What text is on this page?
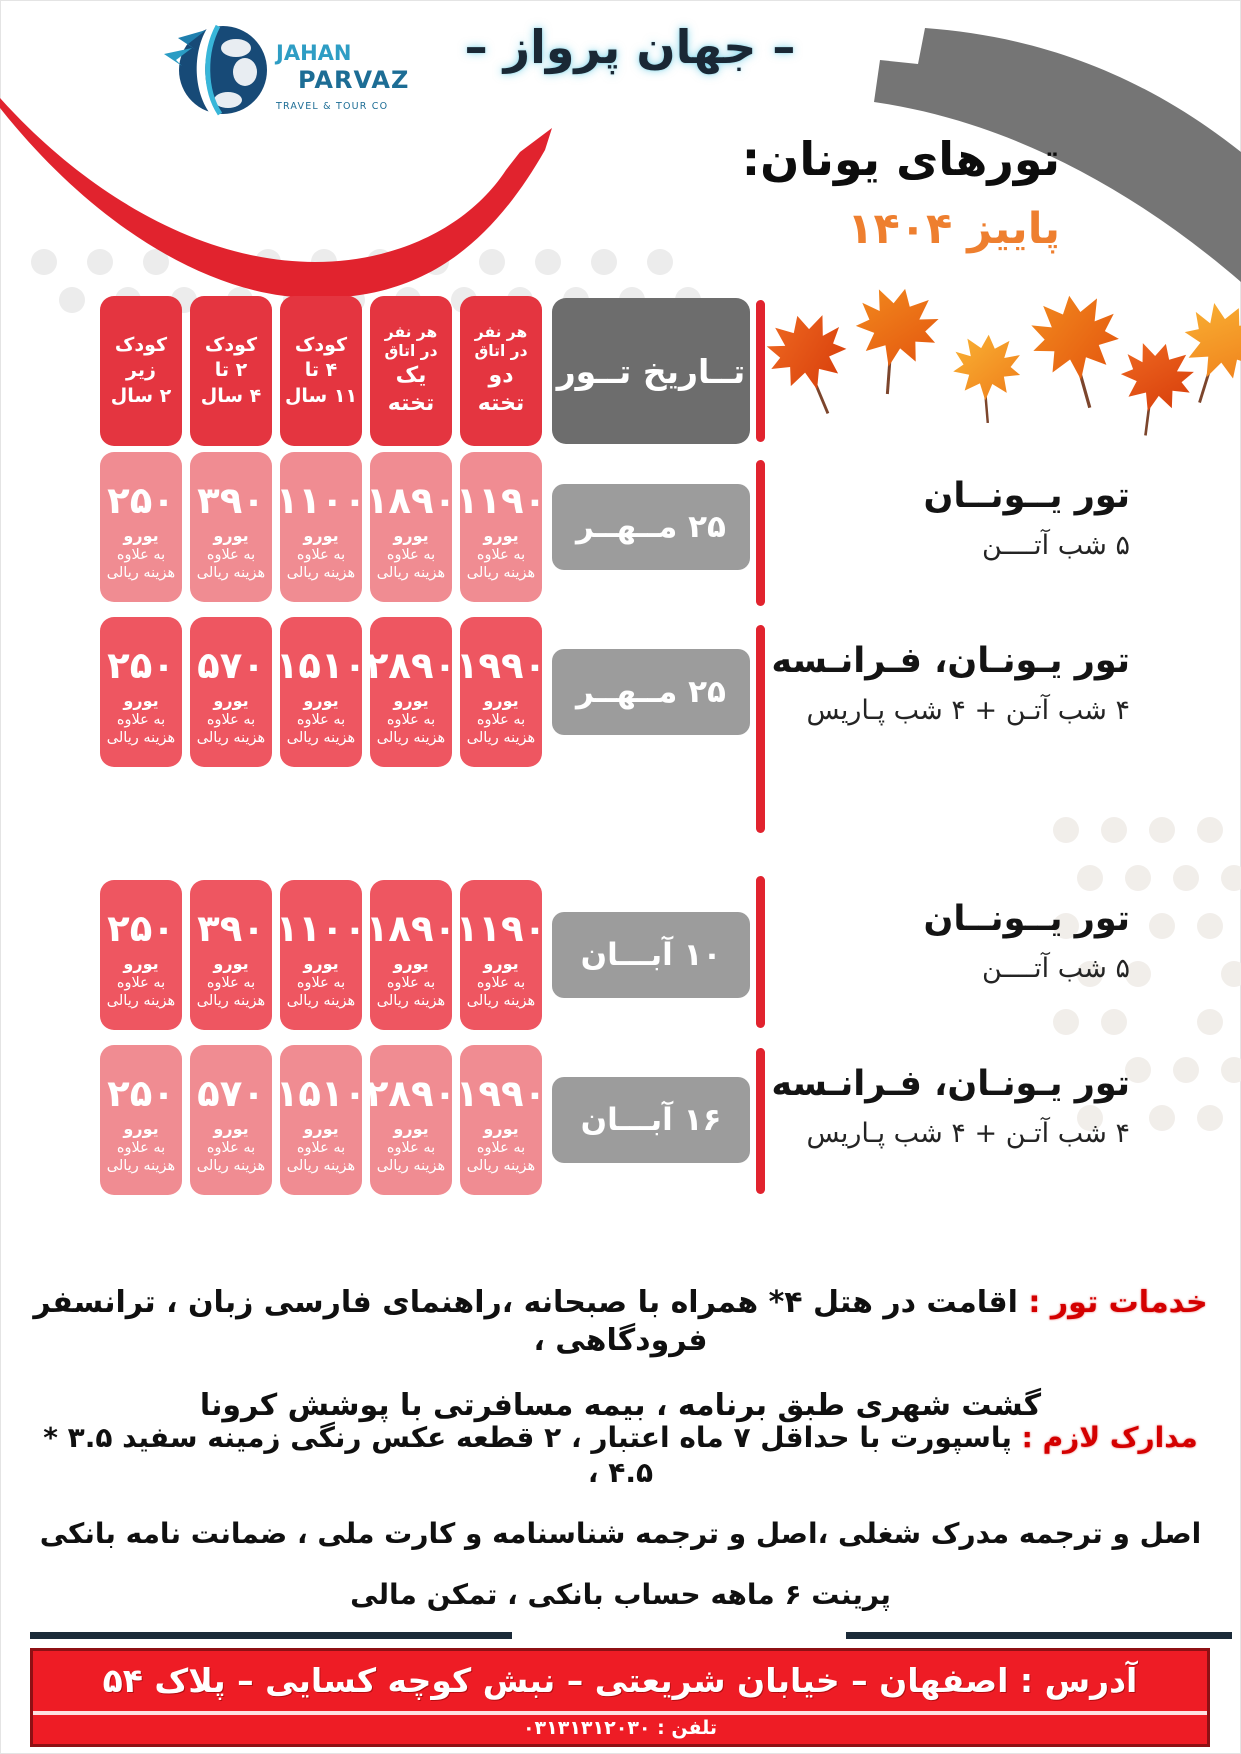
JAHAN
PARVAZ
TRAVEL & TOUR CO
– جهان پرواز –
تورهای یونان:
پاییز ۱۴۰۴
تــاریخ تــور
هر نفر
در اتاق
دو
تخته
هر نفر
در اتاق
یک
تخته
کودک
۴ تا
۱۱ سال
کودک
۲ تا
۴ سال
کودک
زیر
۲ سال
۲۵ مــهــر
۱۱۹۰
یورو
به علاوه
هزینه ریالی
۱۸۹۰
یورو
به علاوه
هزینه ریالی
۱۱۰۰
یورو
به علاوه
هزینه ریالی
۳۹۰
یورو
به علاوه
هزینه ریالی
۲۵۰
یورو
به علاوه
هزینه ریالی
تور یــونــان
۵ شب آتــــن
۲۵ مــهــر
۱۹۹۰
یورو
به علاوه
هزینه ریالی
۲۸۹۰
یورو
به علاوه
هزینه ریالی
۱۵۱۰
یورو
به علاوه
هزینه ریالی
۵۷۰
یورو
به علاوه
هزینه ریالی
۲۵۰
یورو
به علاوه
هزینه ریالی
تور یـونـان، فـرانـسه
۴ شب آتـن + ۴ شب پـاریس
۱۰ آبـــان
۱۱۹۰
یورو
به علاوه
هزینه ریالی
۱۸۹۰
یورو
به علاوه
هزینه ریالی
۱۱۰۰
یورو
به علاوه
هزینه ریالی
۳۹۰
یورو
به علاوه
هزینه ریالی
۲۵۰
یورو
به علاوه
هزینه ریالی
تور یــونــان
۵ شب آتــــن
۱۶ آبـــان
۱۹۹۰
یورو
به علاوه
هزینه ریالی
۲۸۹۰
یورو
به علاوه
هزینه ریالی
۱۵۱۰
یورو
به علاوه
هزینه ریالی
۵۷۰
یورو
به علاوه
هزینه ریالی
۲۵۰
یورو
به علاوه
هزینه ریالی
تور یـونـان، فـرانـسه
۴ شب آتـن + ۴ شب پـاریس
خدمات تور : اقامت در هتل ۴* همراه با صبحانه ،راهنمای فارسی زبان ، ترانسفر فرودگاهی ،
گشت شهری طبق برنامه ، بیمه مسافرتی با پوشش کرونا
مدارک لازم : پاسپورت با حداقل ۷ ماه اعتبار ، ۲ قطعه عکس رنگی زمینه سفید ۳.۵ * ۴.۵ ،
اصل و ترجمه مدرک شغلی ،اصل و ترجمه شناسنامه و کارت ملی ، ضمانت نامه بانکی
پرینت ۶ ماهه حساب بانکی ، تمکن مالی
آدرس : اصفهان – خیابان شریعتی – نبش کوچه کسایی – پلاک ۵۴
تلفن : ۰۳۱۳۱۳۱۲۰۳۰
